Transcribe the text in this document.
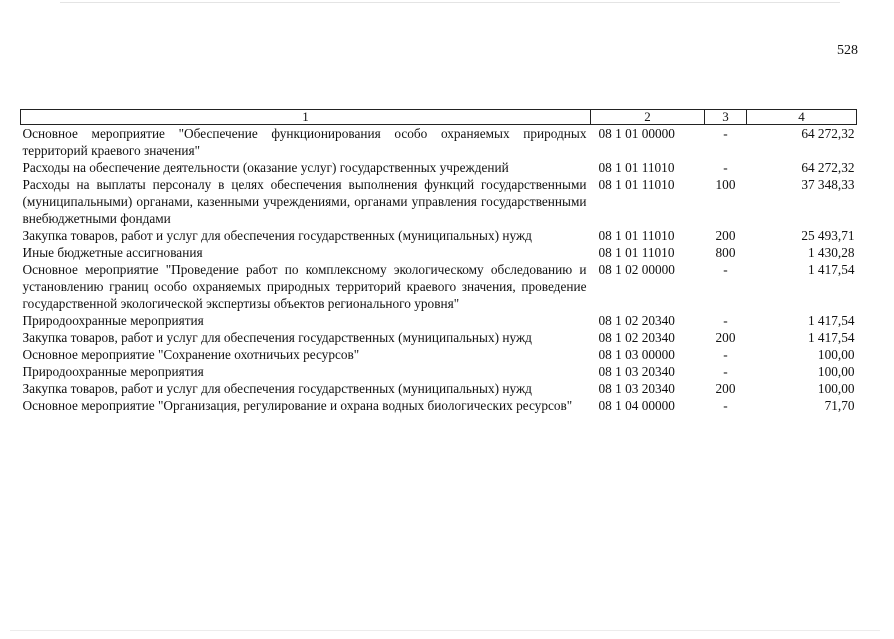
528
1	2	3	4
Основное мероприятие "Обеспечение функционирования особо охраняемых природных территорий краевого значения"	08 1 01 00000	-	64 272,32
Расходы на обеспечение деятельности (оказание услуг) государственных учреждений	08 1 01 11010	-	64 272,32
Расходы на выплаты персоналу в целях обеспечения выполнения функций государственными (муниципальными) органами, казенными учреждениями, органами управления государственными внебюджетными фондами	08 1 01 11010	100	37 348,33
Закупка товаров, работ и услуг для обеспечения государственных (муниципальных) нужд	08 1 01 11010	200	25 493,71
Иные бюджетные ассигнования	08 1 01 11010	800	1 430,28
Основное мероприятие "Проведение работ по комплексному экологическому обследованию и установлению границ особо охраняемых природных территорий краевого значения, проведение государственной экологической экспертизы объектов регионального уровня"	08 1 02 00000	-	1 417,54
Природоохранные мероприятия	08 1 02 20340	-	1 417,54
Закупка товаров, работ и услуг для обеспечения государственных (муниципальных) нужд	08 1 02 20340	200	1 417,54
Основное мероприятие "Сохранение охотничьих ресурсов"	08 1 03 00000	-	100,00
Природоохранные мероприятия	08 1 03 20340	-	100,00
Закупка товаров, работ и услуг для обеспечения государственных (муниципальных) нужд	08 1 03 20340	200	100,00
Основное мероприятие "Организация, регулирование и охрана водных биологических ресурсов"	08 1 04 00000	-	71,70
